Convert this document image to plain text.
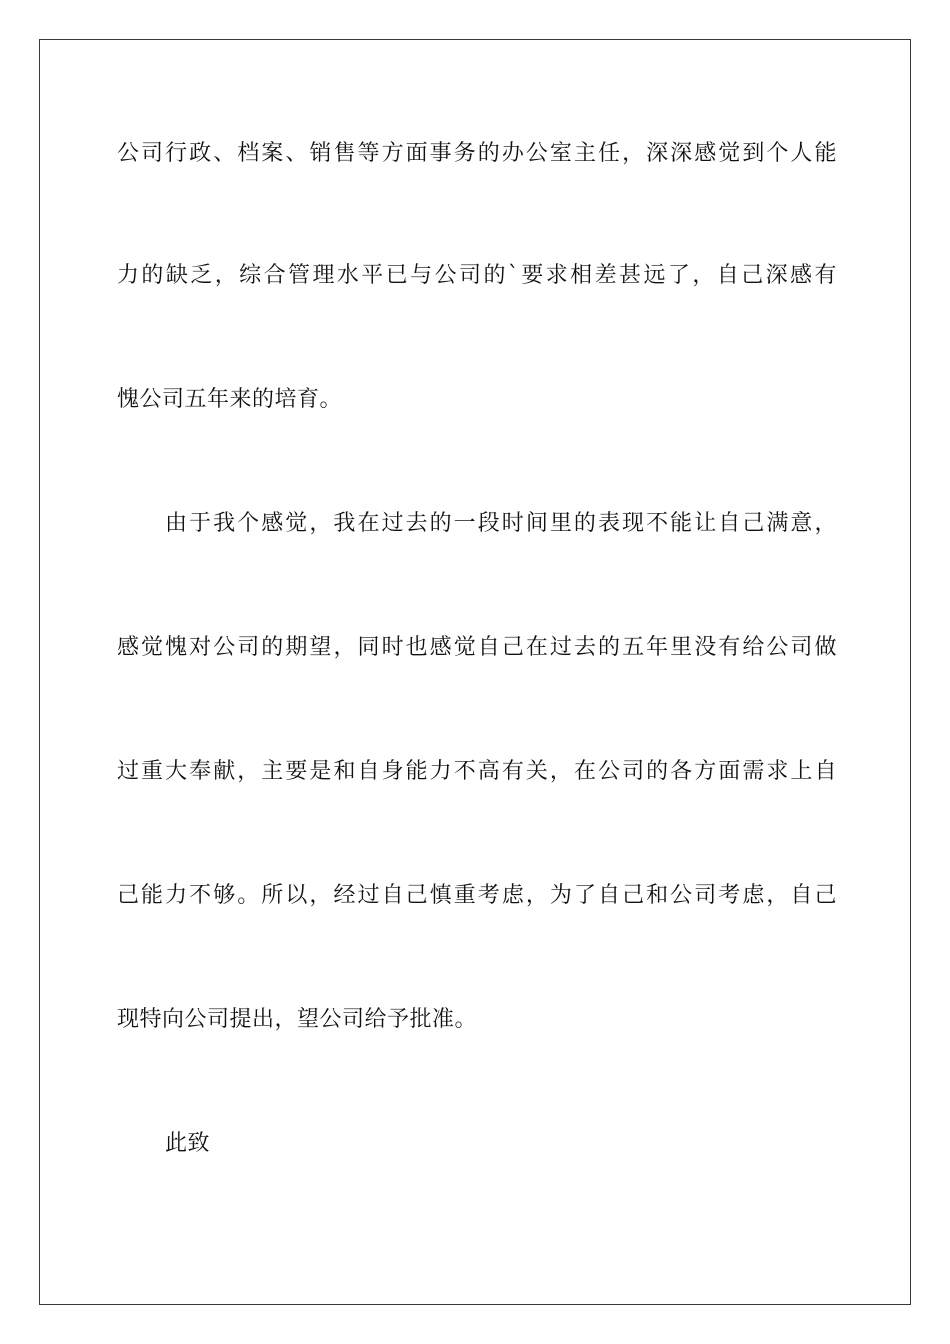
公司行政、档案、销售等方面事务的办公室主任，深深感觉到个人能
力的缺乏，综合管理水平已与公司的`要求相差甚远了，自己深感有
愧公司五年来的培育。
由于我个感觉，我在过去的一段时间里的表现不能让自己满意，
感觉愧对公司的期望，同时也感觉自己在过去的五年里没有给公司做
过重大奉献，主要是和自身能力不高有关，在公司的各方面需求上自
己能力不够。所以，经过自己慎重考虑，为了自己和公司考虑，自己
现特向公司提出，望公司给予批准。
此致
